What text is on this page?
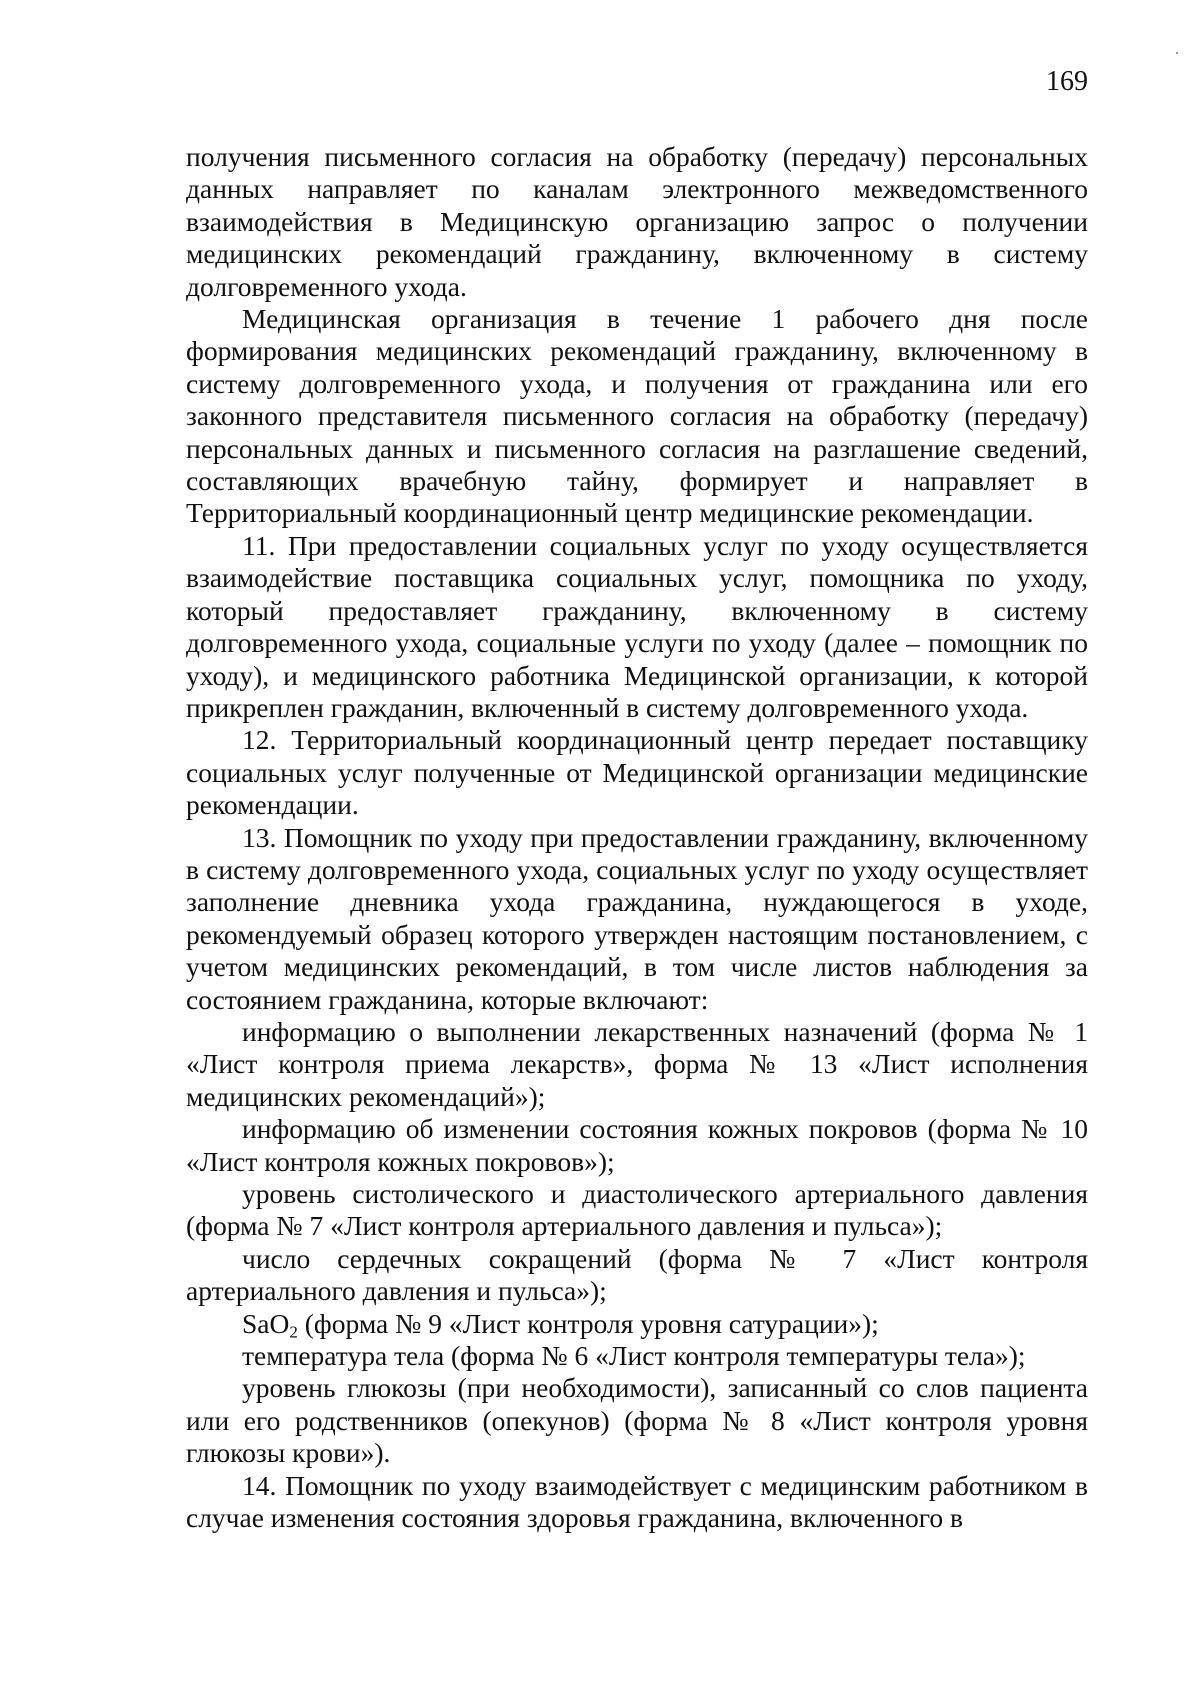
169

получения письменного согласия на обработку (передачу) персональных данных направляет по каналам электронного межведомственного взаимодействия в Медицинскую организацию запрос о получении медицинских рекомендаций гражданину, включенному в систему долговременного ухода.

Медицинская организация в течение 1 рабочего дня после формирования медицинских рекомендаций гражданину, включенному в систему долговременного ухода, и получения от гражданина или его законного представителя письменного согласия на обработку (передачу) персональных данных и письменного согласия на разглашение сведений, составляющих врачебную тайну, формирует и направляет в Территориальный координационный центр медицинские рекомендации.

11. При предоставлении социальных услуг по уходу осуществляется взаимодействие поставщика социальных услуг, помощника по уходу, который предоставляет гражданину, включенному в систему долговременного ухода, социальные услуги по уходу (далее – помощник по уходу), и медицинского работника Медицинской организации, к которой прикреплен гражданин, включенный в систему долговременного ухода.

12. Территориальный координационный центр передает поставщику социальных услуг полученные от Медицинской организации медицинские рекомендации.

13. Помощник по уходу при предоставлении гражданину, включенному в систему долговременного ухода, социальных услуг по уходу осуществляет заполнение дневника ухода гражданина, нуждающегося в уходе, рекомендуемый образец которого утвержден настоящим постановлением, с учетом медицинских рекомендаций, в том числе листов наблюдения за состоянием гражданина, которые включают:

информацию о выполнении лекарственных назначений (форма № 1 «Лист контроля приема лекарств», форма № 13 «Лист исполнения медицинских рекомендаций»);

информацию об изменении состояния кожных покровов (форма № 10 «Лист контроля кожных покровов»);

уровень систолического и диастолического артериального давления (форма № 7 «Лист контроля артериального давления и пульса»);

число сердечных сокращений (форма № 7 «Лист контроля артериального давления и пульса»);

SaO$_2$ (форма № 9 «Лист контроля уровня сатурации»);

температура тела (форма № 6 «Лист контроля температуры тела»);

уровень глюкозы (при необходимости), записанный со слов пациента или его родственников (опекунов) (форма № 8 «Лист контроля уровня глюкозы крови»).

14. Помощник по уходу взаимодействует с медицинским работником в случае изменения состояния здоровья гражданина, включенного в
